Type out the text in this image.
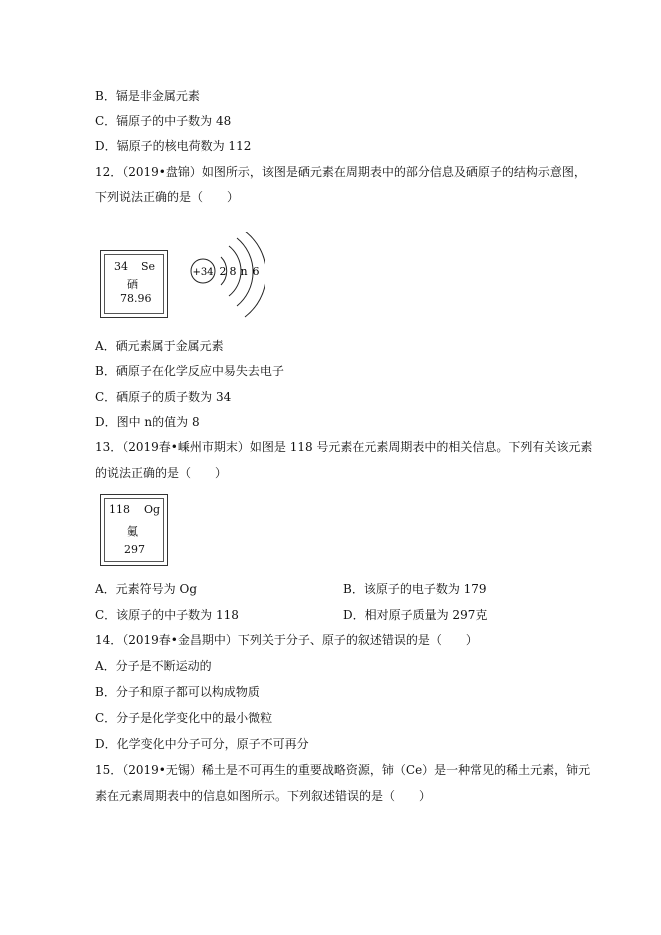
B．镉是非金属元素
C．镉原子的中子数为 48
D．镉原子的核电荷数为 112
12．（2019•盘锦）如图所示，该图是硒元素在周期表中的部分信息及硒原子的结构示意图，
下列说法正确的是（　　）
34 Se
硒
78.96
+34 2 8 n 6
A．硒元素属于金属元素
B．硒原子在化学反应中易失去电子
C．硒原子的质子数为 34
D．图中 n的值为 8
13．（2019春•嵊州市期末）如图是 118 号元素在元素周期表中的相关信息。下列有关该元素
的说法正确的是（　　）
118 Og
鿫
297
A．元素符号为 Og	B．该原子的电子数为 179
C．该原子的中子数为 118	D．相对原子质量为 297克
14．（2019春•金昌期中）下列关于分子、原子的叙述错误的是（　　）
A．分子是不断运动的
B．分子和原子都可以构成物质
C．分子是化学变化中的最小微粒
D．化学变化中分子可分，原子不可再分
15．（2019•无锡）稀土是不可再生的重要战略资源，铈（Ce）是一种常见的稀土元素，铈元
素在元素周期表中的信息如图所示。下列叙述错误的是（　　）
